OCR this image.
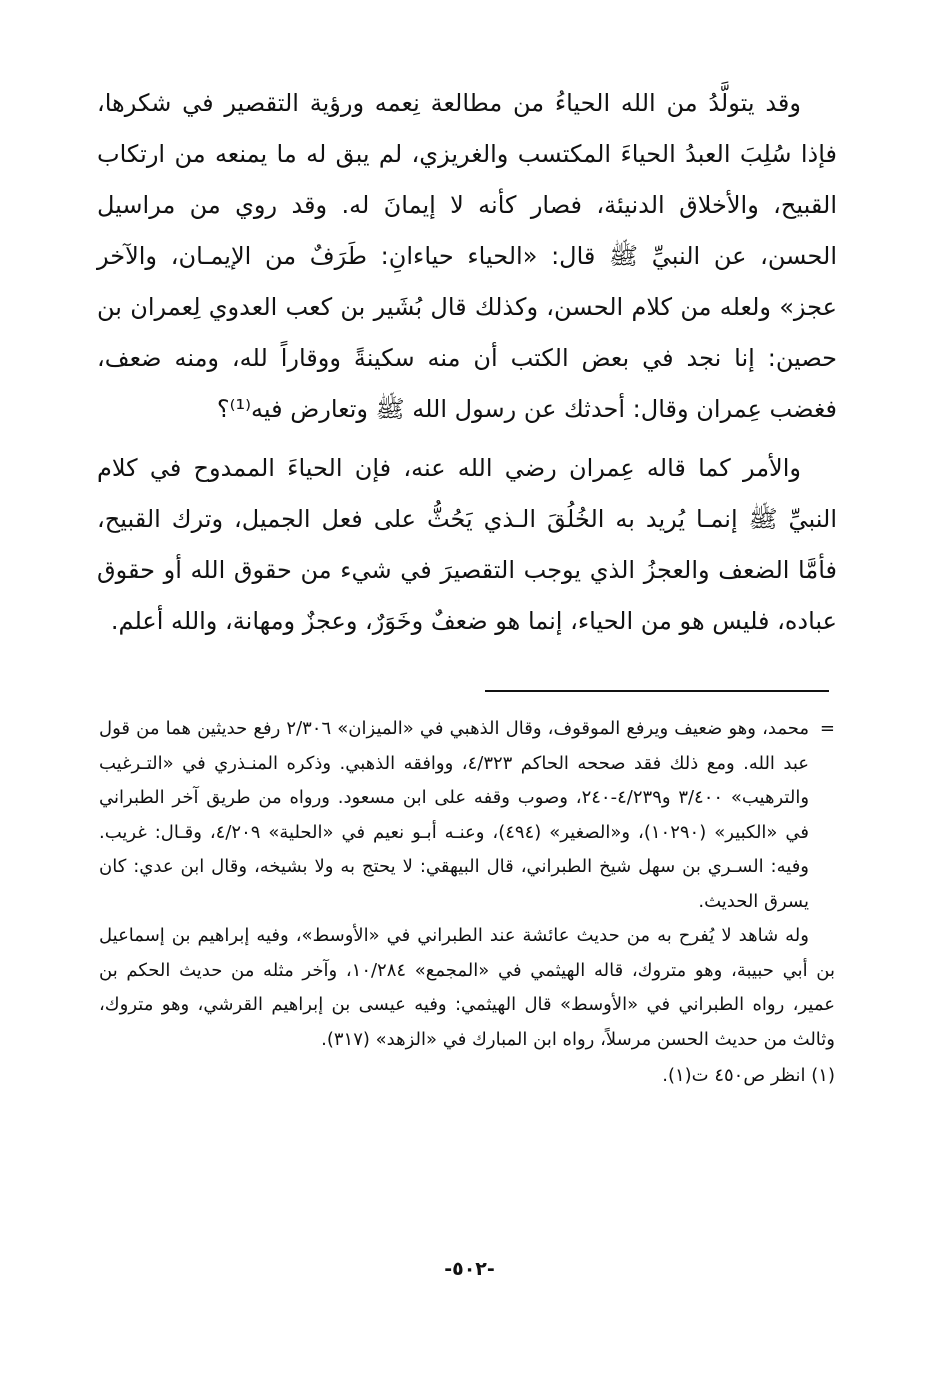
وقد يتولَّدُ من الله الحياءُ من مطالعة نِعمه ورؤية التقصير في شكرها، فإذا سُلِبَ العبدُ الحياءَ المكتسب والغريزي، لم يبق له ما يمنعه من ارتكاب القبيح، والأخلاق الدنيئة، فصار كأنه لا إيمانَ له. وقد روي من مراسيل الحسن، عن النبيِّ ﷺ قال: «الحياء حياءانِ: طَرَفٌ من الإيمـان، والآخر عجز» ولعله من كلام الحسن، وكذلك قال بُشَير بن كعب العدوي لِعمران بن حصين: إنا نجد في بعض الكتب أن منه سكينةً ووقاراً لله، ومنه ضعف، فغضب عِمران وقال: أحدثك عن رسول الله ﷺ وتعارض فيه⁽¹⁾؟

والأمر كما قاله عِمران رضي الله عنه، فإن الحياءَ الممدوح في كلام النبيِّ ﷺ إنمـا يُريد به الخُلُقَ الـذي يَحُثُّ على فعل الجميل، وترك القبيح، فأمَّا الضعف والعجزُ الذي يوجب التقصيرَ في شيء من حقوق الله أو حقوق عباده، فليس هو من الحياء، إنما هو ضعفٌ وخَوَرٌ، وعجزٌ ومهانة، والله أعلم.

=
محمد، وهو ضعيف ويرفع الموقوف، وقال الذهبي في «الميزان» ٢/٣٠٦ رفع حديثين هما من قول عبد الله. ومع ذلك فقد صححه الحاكم ٤/٣٢٣، ووافقه الذهبي. وذكره المنـذري في «التـرغيب والترهيب» ٣/٤٠٠ و٤/٢٣٩-٢٤٠، وصوب وقفه على ابن مسعود. ورواه من طريق آخر الطبراني في «الكبير» (١٠٢٩٠)، و«الصغير» (٤٩٤)، وعنـه أبـو نعيم في «الحلية» ٤/٢٠٩، وقـال: غريب. وفيه: السـري بن سهل شيخ الطبراني، قال البيهقي: لا يحتج به ولا بشيخه، وقال ابن عدي: كان يسرق الحديث.

وله شاهد لا يُفرح به من حديث عائشة عند الطبراني في «الأوسط»، وفيه إبراهيم بن إسماعيل بن أبي حبيبة، وهو متروك، قاله الهيثمي في «المجمع» ١٠/٢٨٤، وآخر مثله من حديث الحكم بن عمير، رواه الطبراني في «الأوسط» قال الهيثمي: وفيه عيسى بن إبراهيم القرشي، وهو متروك، وثالث من حديث الحسن مرسلاً، رواه ابن المبارك في «الزهد» (٣١٧).

(١) انظر ص٤٥٠ ت(١).

-٥٠٢-
